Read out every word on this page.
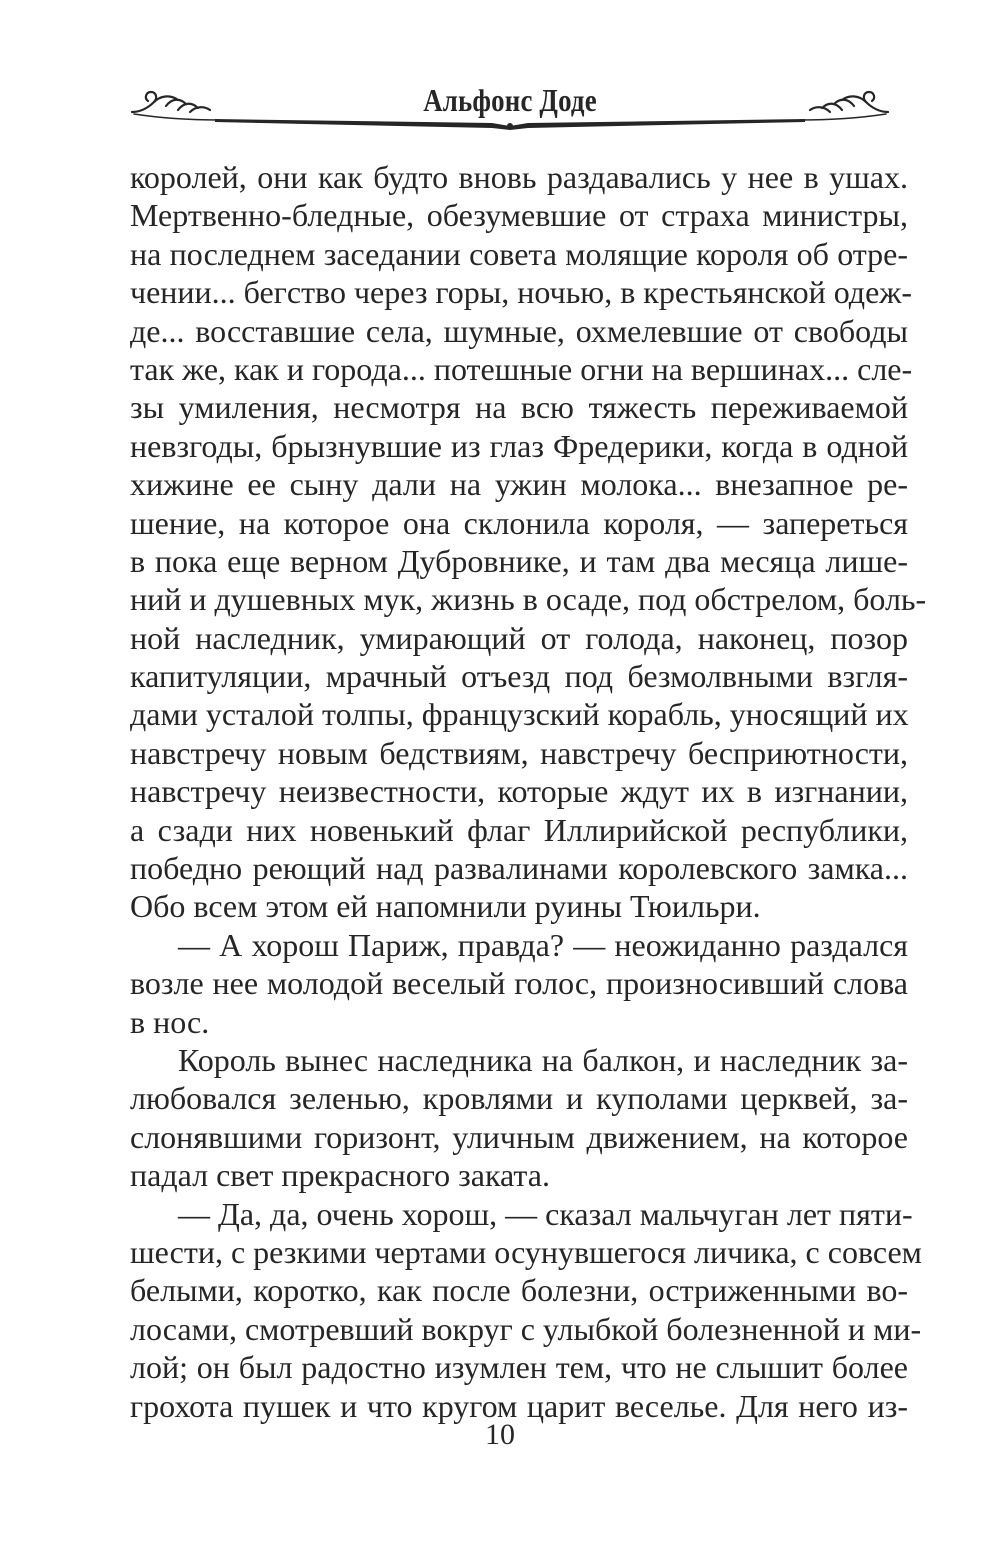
Альфонс Доде
королей, они как будто вновь раздавались у нее в ушах.
Мертвенно-бледные, обезумевшие от страха министры,
на последнем заседании совета молящие короля об отре-
чении... бегство через горы, ночью, в крестьянской одеж-
де... восставшие села, шумные, охмелевшие от свободы
так же, как и города... потешные огни на вершинах... сле-
зы умиления, несмотря на всю тяжесть переживаемой
невзгоды, брызнувшие из глаз Фредерики, когда в одной
хижине ее сыну дали на ужин молока... внезапное ре-
шение, на которое она склонила короля, — запереться
в пока еще верном Дубровнике, и там два месяца лише-
ний и душевных мук, жизнь в осаде, под обстрелом, боль-
ной наследник, умирающий от голода, наконец, позор
капитуляции, мрачный отъезд под безмолвными взгля-
дами усталой толпы, французский корабль, уносящий их
навстречу новым бедствиям, навстречу бесприютности,
навстречу неизвестности, которые ждут их в изгнании,
а сзади них новенький флаг Иллирийской республики,
победно реющий над развалинами королевского замка...
Обо всем этом ей напомнили руины Тюильри.
— А хорош Париж, правда? — неожиданно раздался
возле нее молодой веселый голос, произносивший слова
в нос.
Король вынес наследника на балкон, и наследник за-
любовался зеленью, кровлями и куполами церквей, за-
слонявшими горизонт, уличным движением, на которое
падал свет прекрасного заката.
— Да, да, очень хорош, — сказал мальчуган лет пяти-
шести, с резкими чертами осунувшегося личика, с совсем
белыми, коротко, как после болезни, остриженными во-
лосами, смотревший вокруг с улыбкой болезненной и ми-
лой; он был радостно изумлен тем, что не слышит более
грохота пушек и что кругом царит веселье. Для него из-
10
